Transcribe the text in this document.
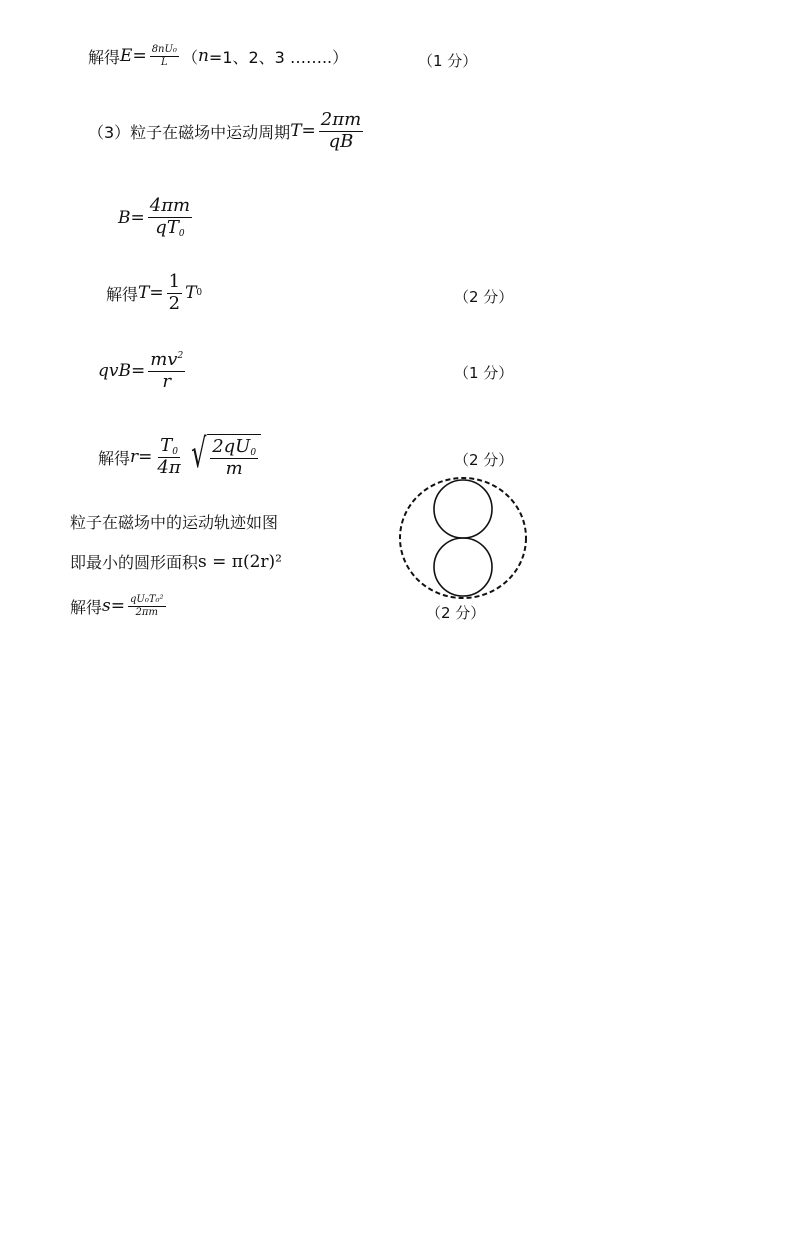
解得 $E = \frac{\text{8nU₀}}{L}$ （ n =1、2、3 ……..）	（1 分）
（3）粒子在磁场中运动周期 $T = \frac{2\pi m}{qB}$
$B = \frac{4\pi m}{qT_0}$
解得 $T = \frac{1}{2}$ T 0	（2 分）
qvB = $\frac{mv^2}{r}$	（1 分）
解得 $r = \frac{T_0}{4\pi}$ √ $\frac{2qU_0}{m}$	（2 分）
粒子在磁场中的运动轨迹如图
即最小的圆形面积 s = π(2r)²
解得 $s = \frac{\text{qU₀T₀²}}{2\pi m}$	（2 分）
